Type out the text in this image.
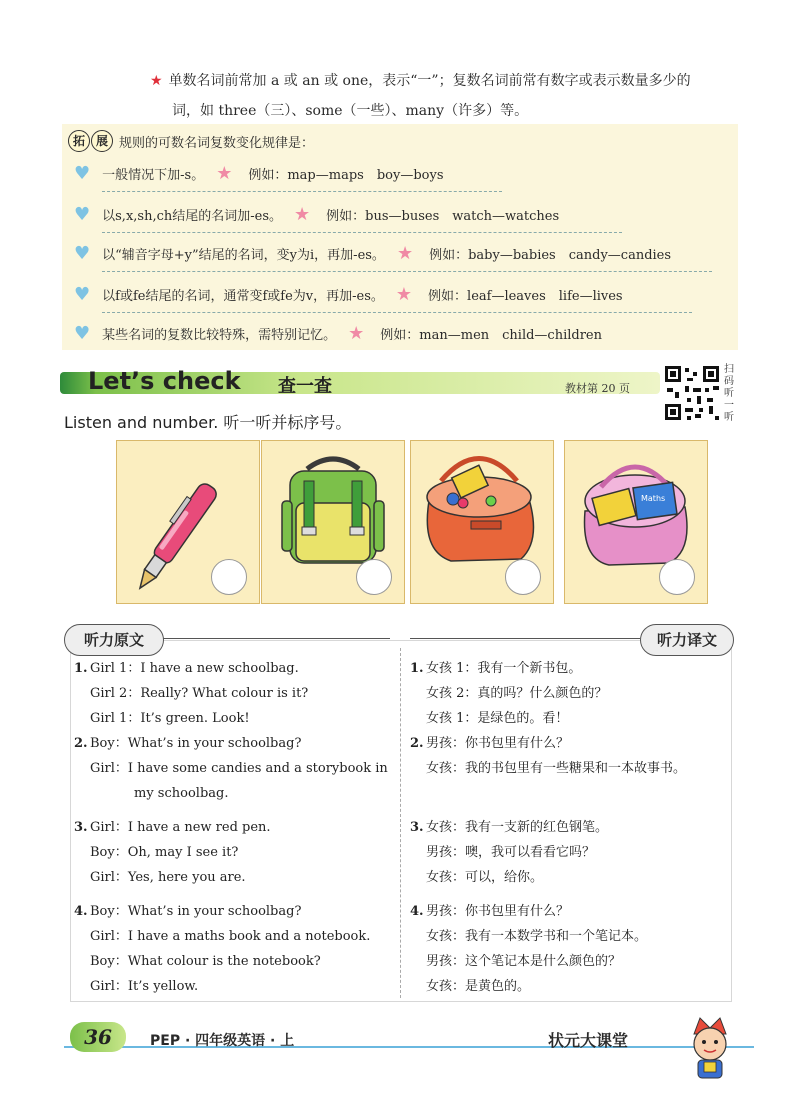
★ 单数名词前常加 a 或 an 或 one，表示“一”；复数名词前常有数字或表示数量多少的
词，如 three（三）、some（一些）、many（许多）等。
拓 展 规则的可数名词复数变化规律是：
♥ 一般情况下加-s。 ★ 例如：map—maps　boy—boys
♥ 以s,x,sh,ch结尾的名词加-es。 ★ 例如：bus—buses　watch—watches
♥ 以“辅音字母+y”结尾的名词，变y为i，再加-es。 ★ 例如：baby—babies　candy—candies
♥ 以f或fe结尾的名词，通常变f或fe为v，再加-es。 ★ 例如：leaf—leaves　life—lives
♥ 某些名词的复数比较特殊，需特别记忆。 ★ 例如：man—men　child—children
Let’s check 查一查	教材第 20 页
扫码听一听
Listen and number. 听一听并标序号。
Maths
听力原文	听力译文
1. Girl 1：I have a new schoolbag.
Girl 2：Really? What colour is it?
Girl 1：It’s green. Look!
2. Boy：What’s in your schoolbag?
Girl：I have some candies and a storybook in
my schoolbag.
3. Girl：I have a new red pen.
Boy：Oh, may I see it?
Girl：Yes, here you are.
4. Boy：What’s in your schoolbag?
Girl：I have a maths book and a notebook.
Boy：What colour is the notebook?
Girl：It’s yellow.
1. 女孩 1：我有一个新书包。
女孩 2：真的吗？什么颜色的？
女孩 1：是绿色的。看！
2. 男孩：你书包里有什么？
女孩：我的书包里有一些糖果和一本故事书。
3. 女孩：我有一支新的红色钢笔。
男孩：噢，我可以看看它吗？
女孩：可以，给你。
4. 男孩：你书包里有什么？
女孩：我有一本数学书和一个笔记本。
男孩：这个笔记本是什么颜色的？
女孩：是黄色的。
36	PEP · 四年级英语 · 上	状元大课堂
